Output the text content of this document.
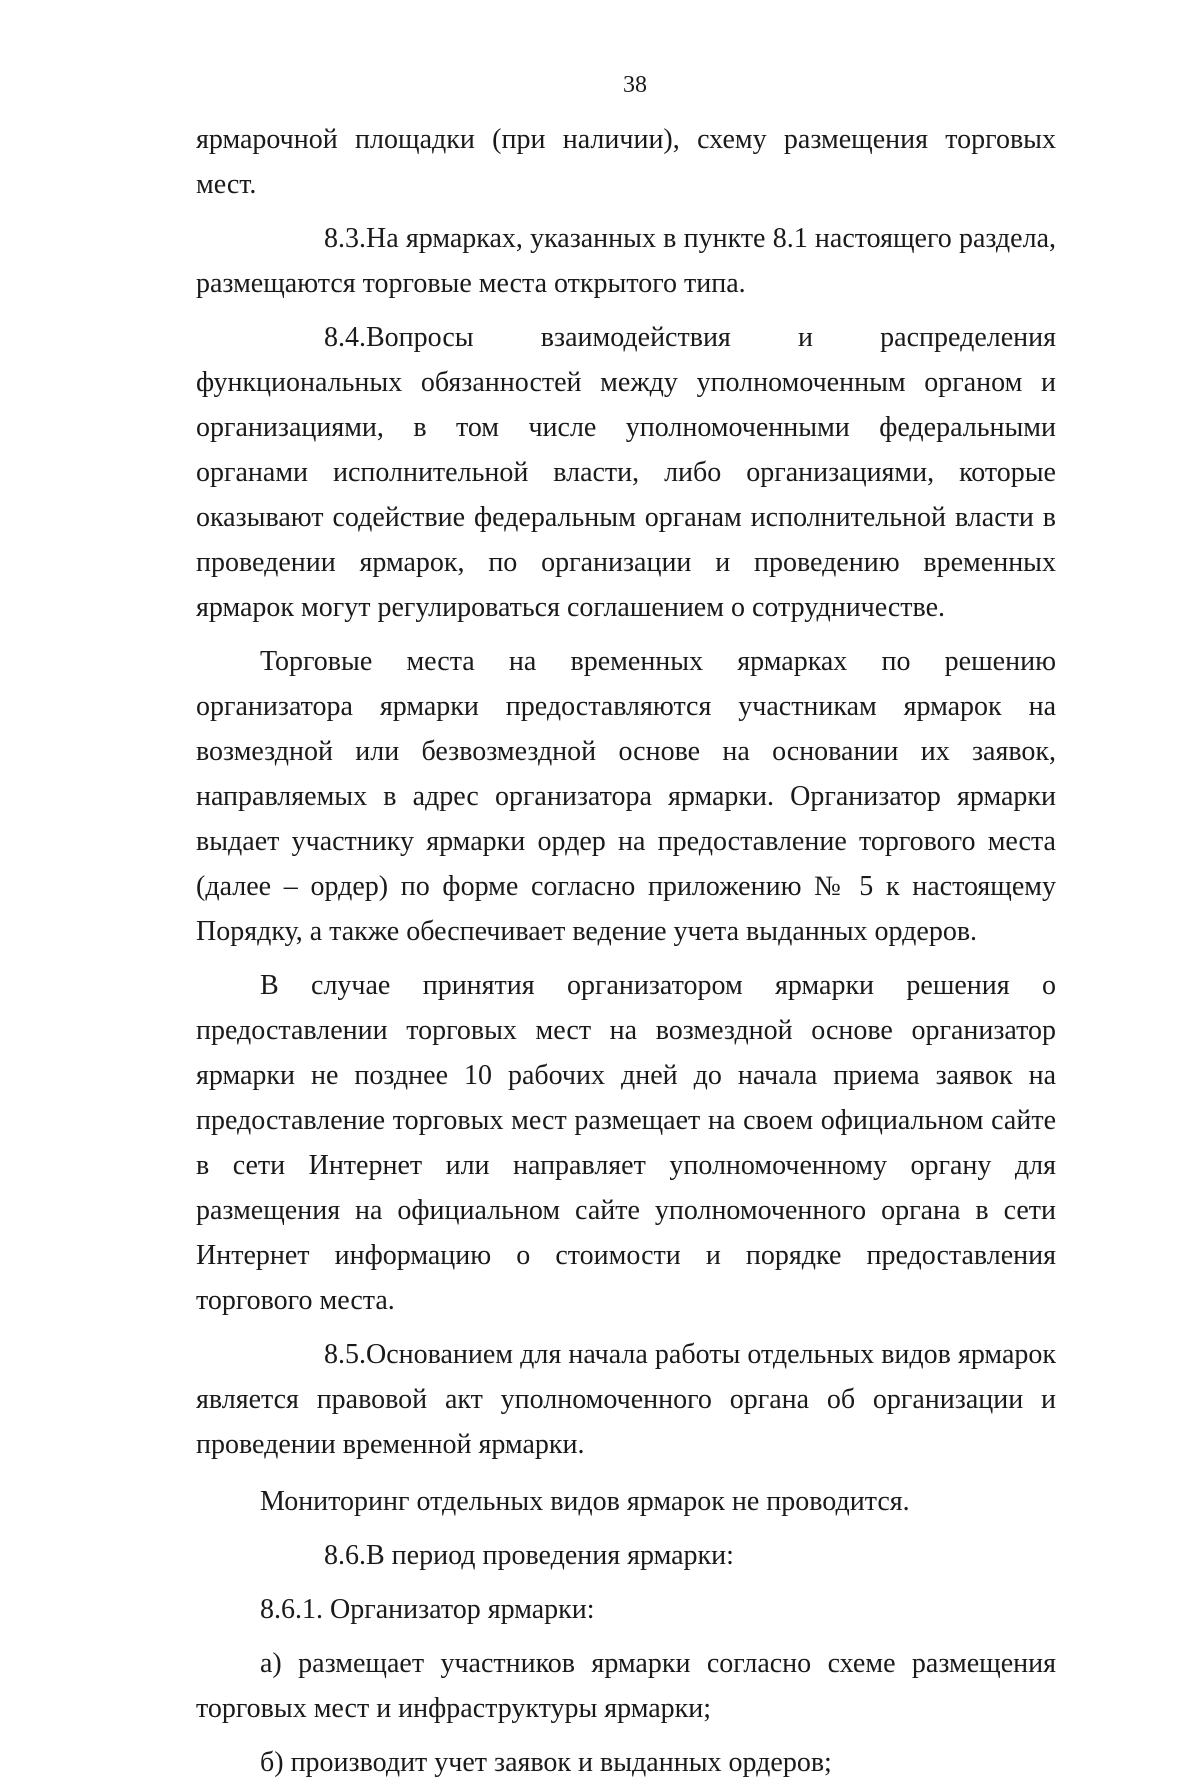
38

ярмарочной площадки (при наличии), схему размещения торговых мест.

8.3.На ярмарках, указанных в пункте 8.1 настоящего раздела, размещаются торговые места открытого типа.

8.4.Вопросы взаимодействия и распределения функциональных обязанностей между уполномоченным органом и организациями, в том числе уполномоченными федеральными органами исполнительной власти, либо организациями, которые оказывают содействие федеральным органам исполнительной власти в проведении ярмарок, по организации и проведению временных ярмарок могут регулироваться соглашением о сотрудничестве.

Торговые места на временных ярмарках по решению организатора ярмарки предоставляются участникам ярмарок на возмездной или безвозмездной основе на основании их заявок, направляемых в адрес организатора ярмарки. Организатор ярмарки выдает участнику ярмарки ордер на предоставление торгового места (далее – ордер) по форме согласно приложению № 5 к настоящему Порядку, а также обеспечивает ведение учета выданных ордеров.

В случае принятия организатором ярмарки решения о предоставлении торговых мест на возмездной основе организатор ярмарки не позднее 10 рабочих дней до начала приема заявок на предоставление торговых мест размещает на своем официальном сайте в сети Интернет или направляет уполномоченному органу для размещения на официальном сайте уполномоченного органа в сети Интернет информацию о стоимости и порядке предоставления торгового места.

8.5.Основанием для начала работы отдельных видов ярмарок является правовой акт уполномоченного органа об организации и проведении временной ярмарки.

Мониторинг отдельных видов ярмарок не проводится.

8.6.В период проведения ярмарки:

8.6.1. Организатор ярмарки:

а) размещает участников ярмарки согласно схеме размещения торговых мест и инфраструктуры ярмарки;

б) производит учет заявок и выданных ордеров;
